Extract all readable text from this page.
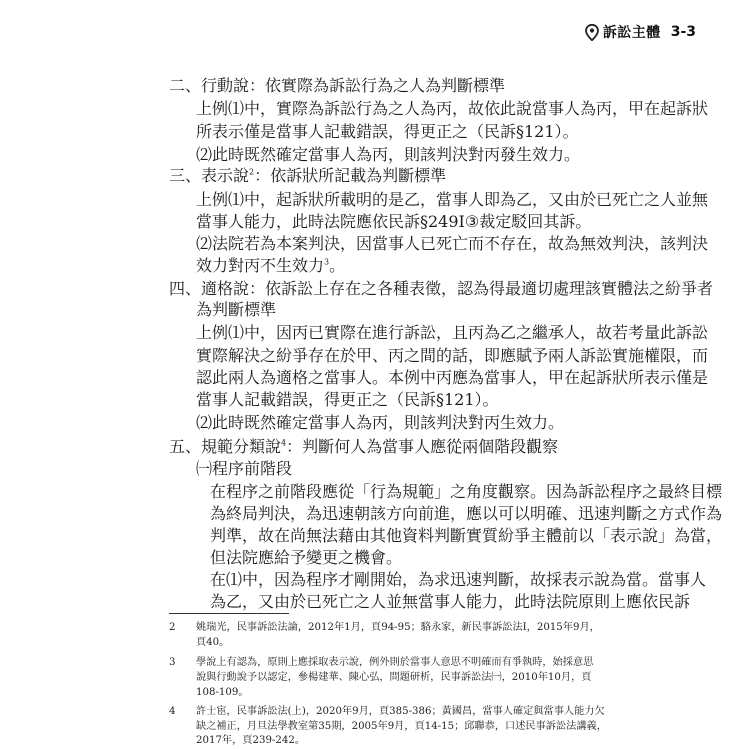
訴訟主體 3-3
二、行動說：依實際為訴訟行為之人為判斷標準
上例⑴中，實際為訴訟行為之人為丙，故依此說當事人為丙，甲在起訴狀
所表示僅是當事人記載錯誤，得更正之（民訴§121）。
⑵此時既然確定當事人為丙，則該判決對丙發生效力。
三、表示說$^2$：依訴狀所記載為判斷標準
上例⑴中，起訴狀所載明的是乙，當事人即為乙，又由於已死亡之人並無
當事人能力，此時法院應依民訴§249Ⅰ③裁定駁回其訴。
⑵法院若為本案判決，因當事人已死亡而不存在，故為無效判決，該判決
效力對丙不生效力$^3$。
四、適格說：依訴訟上存在之各種表徵，認為得最適切處理該實體法之紛爭者
為判斷標準
上例⑴中，因丙已實際在進行訴訟，且丙為乙之繼承人，故若考量此訴訟
實際解決之紛爭存在於甲、丙之間的話，即應賦予兩人訴訟實施權限，而
認此兩人為適格之當事人。本例中丙應為當事人，甲在起訴狀所表示僅是
當事人記載錯誤，得更正之（民訴§121）。
⑵此時既然確定當事人為丙，則該判決對丙生效力。
五、規範分類說$^4$：判斷何人為當事人應從兩個階段觀察
㈠程序前階段
在程序之前階段應從「行為規範」之角度觀察。因為訴訟程序之最終目標
為終局判決，為迅速朝該方向前進，應以可以明確、迅速判斷之方式作為
判準，故在尚無法藉由其他資料判斷實質紛爭主體前以「表示說」為當，
但法院應給予變更之機會。
在⑴中，因為程序才剛開始，為求迅速判斷，故採表示說為當。當事人
為乙，又由於已死亡之人並無當事人能力，此時法院原則上應依民訴
2 姚瑞光，民事訴訟法論，2012年1月，頁94-95；駱永家，新民事訴訟法Ⅰ，2015年9月，
頁40。
3 學說上有認為，原則上應採取表示說，例外則於當事人意思不明確而有爭執時，始採意思
說與行動說予以認定，參楊建華、陳心弘，問題研析，民事訴訟法㈠，2010年10月，頁
108-109。
4 許士宦，民事訴訟法(上)，2020年9月，頁385-386；黃國昌，當事人確定與當事人能力欠
缺之補正，月旦法學教室第35期，2005年9月，頁14-15；邱聯恭，口述民事訴訟法講義，
2017年，頁239-242。
